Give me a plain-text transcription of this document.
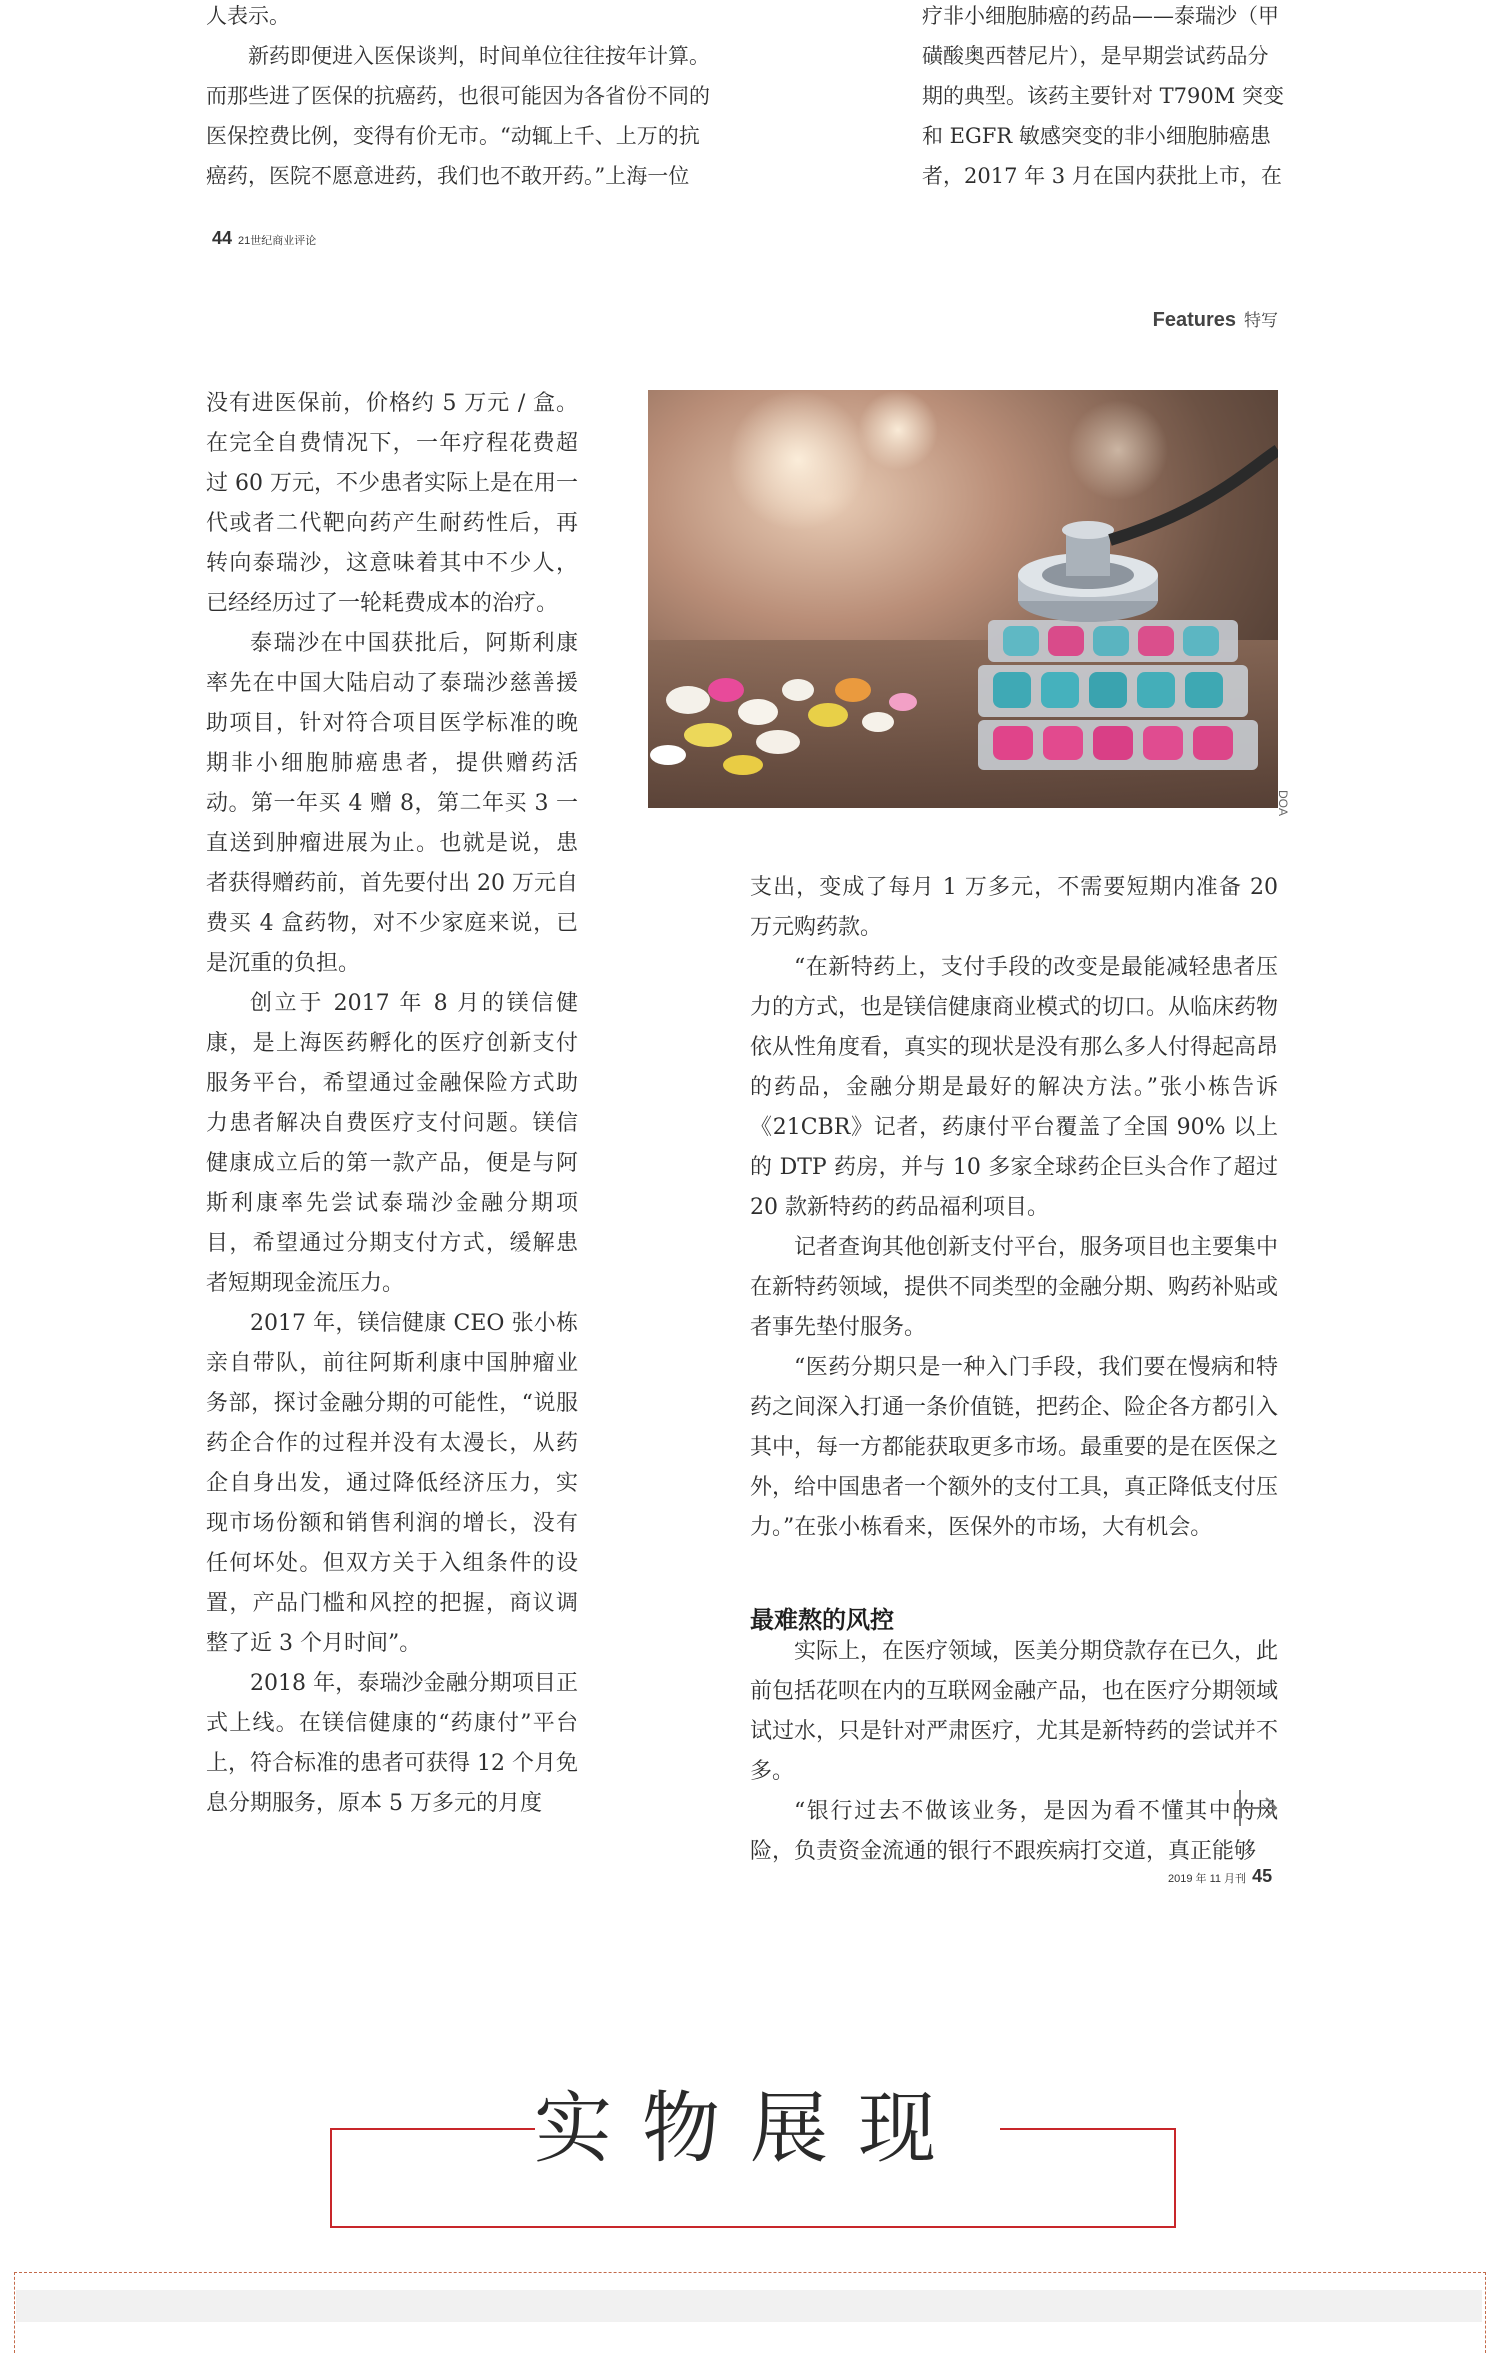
人表示。

新药即便进入医保谈判，时间单位往往按年计算。

而那些进了医保的抗癌药，也很可能因为各省份不同的

医保控费比例，变得有价无市。“动辄上千、上万的抗

癌药，医院不愿意进药，我们也不敢开药。”上海一位

疗非小细胞肺癌的药品——泰瑞沙（甲

磺酸奥西替尼片），是早期尝试药品分

期的典型。该药主要针对 T790M 突变

和 EGFR 敏感突变的非小细胞肺癌患

者，2017 年 3 月在国内获批上市，在

44 21世纪商业评论
Features 特写
DOA

没有进医保前，价格约 5 万元 / 盒。在完全自费情况下，一年疗程花费超过 60 万元，不少患者实际上是在用一代或者二代靶向药产生耐药性后，再转向泰瑞沙，这意味着其中不少人，已经经历过了一轮耗费成本的治疗。

泰瑞沙在中国获批后，阿斯利康率先在中国大陆启动了泰瑞沙慈善援助项目，针对符合项目医学标准的晚期非小细胞肺癌患者，提供赠药活动。第一年买 4 赠 8，第二年买 3 一直送到肿瘤进展为止。也就是说，患者获得赠药前，首先要付出 20 万元自费买 4 盒药物，对不少家庭来说，已是沉重的负担。

创立于 2017 年 8 月的镁信健康，是上海医药孵化的医疗创新支付服务平台，希望通过金融保险方式助力患者解决自费医疗支付问题。镁信健康成立后的第一款产品，便是与阿斯利康率先尝试泰瑞沙金融分期项目，希望通过分期支付方式，缓解患者短期现金流压力。

2017 年，镁信健康 CEO 张小栋亲自带队，前往阿斯利康中国肿瘤业务部，探讨金融分期的可能性，“说服药企合作的过程并没有太漫长，从药企自身出发，通过降低经济压力，实现市场份额和销售利润的增长，没有任何坏处。但双方关于入组条件的设置，产品门槛和风控的把握，商议调整了近 3 个月时间”。

2018 年，泰瑞沙金融分期项目正式上线。在镁信健康的“药康付”平台上，符合标准的患者可获得 12 个月免息分期服务，原本 5 万多元的月度

支出，变成了每月 1 万多元，不需要短期内准备 20 万元购药款。

“在新特药上，支付手段的改变是最能减轻患者压力的方式，也是镁信健康商业模式的切口。从临床药物依从性角度看，真实的现状是没有那么多人付得起高昂的药品，金融分期是最好的解决方法。”张小栋告诉《21CBR》记者，药康付平台覆盖了全国 90% 以上的 DTP 药房，并与 10 多家全球药企巨头合作了超过 20 款新特药的药品福利项目。

记者查询其他创新支付平台，服务项目也主要集中在新特药领域，提供不同类型的金融分期、购药补贴或者事先垫付服务。

“医药分期只是一种入门手段，我们要在慢病和特药之间深入打通一条价值链，把药企、险企各方都引入其中，每一方都能获取更多市场。最重要的是在医保之外，给中国患者一个额外的支付工具，真正降低支付压力。”在张小栋看来，医保外的市场，大有机会。

最难熬的风控

实际上，在医疗领域，医美分期贷款存在已久，此前包括花呗在内的互联网金融产品，也在医疗分期领域试过水，只是针对严肃医疗，尤其是新特药的尝试并不多。

“银行过去不做该业务，是因为看不懂其中的风险，负责资金流通的银行不跟疾病打交道，真正能够

2019 年 11 月刊 45
实物展现
